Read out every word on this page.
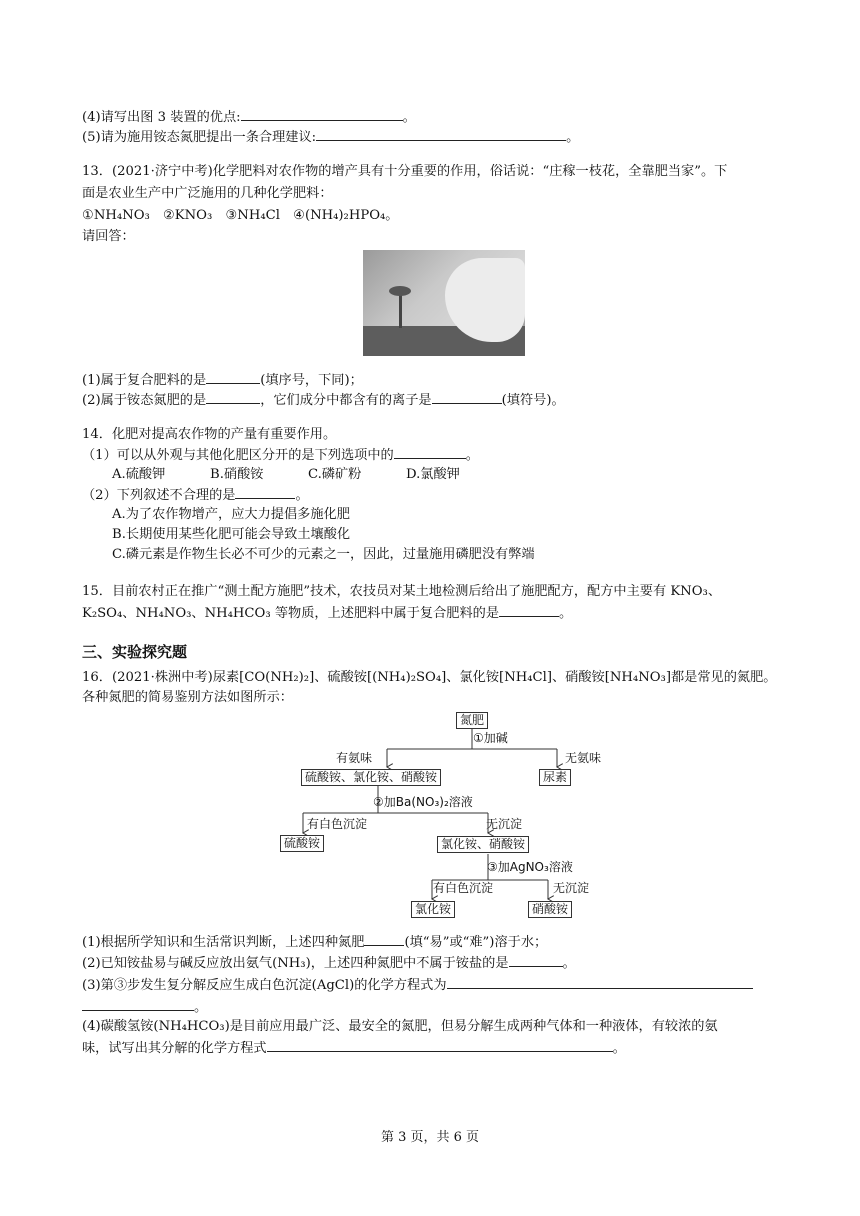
(4)请写出图 3 装置的优点:	。
(5)请为施用铵态氮肥提出一条合理建议:	。
13．(2021·济宁中考)化学肥料对农作物的增产具有十分重要的作用，俗话说：“庄稼一枝花，全靠肥当家”。下
面是农业生产中广泛施用的几种化学肥料：
①NH₄NO₃　②KNO₃　③NH₄Cl　④(NH₄)₂HPO₄。
请回答：
(1)属于复合肥料的是	(填序号，下同)；
(2)属于铵态氮肥的是	，它们成分中都含有的离子是	(填符号)。
14．化肥对提高农作物的产量有重要作用。
（1）可以从外观与其他化肥区分开的是下列选项中的	。
A.硫酸钾	B.硝酸铵	C.磷矿粉	D.氯酸钾
（2）下列叙述不合理的是	。
A.为了农作物增产，应大力提倡多施化肥
B.长期使用某些化肥可能会导致土壤酸化
C.磷元素是作物生长必不可少的元素之一，因此，过量施用磷肥没有弊端
15．目前农村正在推广“测土配方施肥”技术，农技员对某土地检测后给出了施肥配方，配方中主要有 KNO₃、
K₂SO₄、NH₄NO₃、NH₄HCO₃ 等物质，上述肥料中属于复合肥料的是	。
三、实验探究题
16．(2021·株洲中考)尿素[CO(NH₂)₂]、硫酸铵[(NH₄)₂SO₄]、氯化铵[NH₄Cl]、硝酸铵[NH₄NO₃]都是常见的氮肥。
各种氮肥的简易鉴别方法如图所示：
氮肥
①加碱
有氨味	无氨味
硫酸铵、氯化铵、硝酸铵	尿素
②加Ba(NO₃)₂溶液
有白色沉淀	无沉淀
硫酸铵	氯化铵、硝酸铵
③加AgNO₃溶液
有白色沉淀	无沉淀
氯化铵	硝酸铵
(1)根据所学知识和生活常识判断，上述四种氮肥	(填“易”或“难”)溶于水；
(2)已知铵盐易与碱反应放出氨气(NH₃)，上述四种氮肥中不属于铵盐的是	。
(3)第③步发生复分解反应生成白色沉淀(AgCl)的化学方程式为
。
(4)碳酸氢铵(NH₄HCO₃)是目前应用最广泛、最安全的氮肥，但易分解生成两种气体和一种液体，有较浓的氨
味，试写出其分解的化学方程式	。
第 3 页，共 6 页
